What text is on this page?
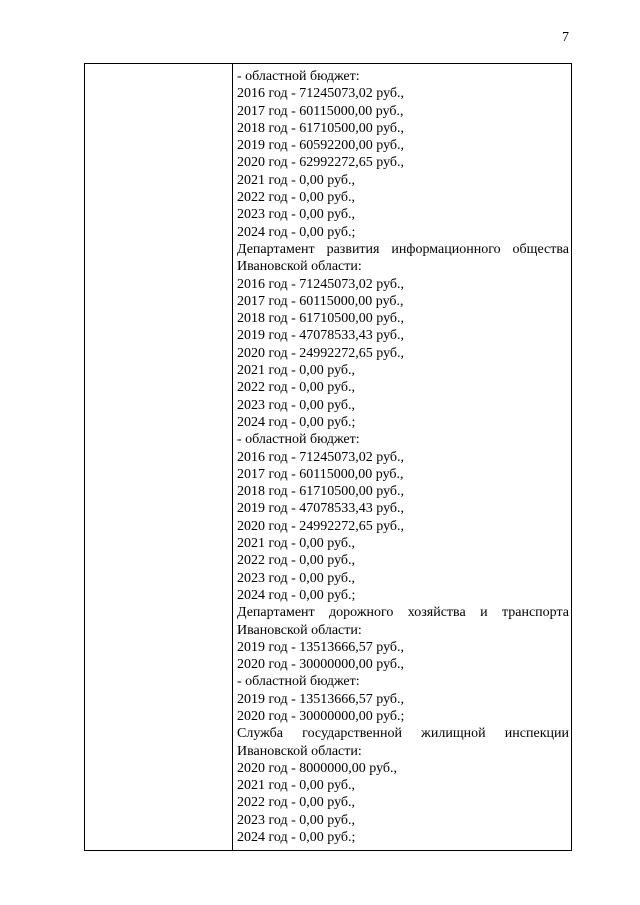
7
- областной бюджет:
2016 год - 71245073,02 руб.,
2017 год - 60115000,00 руб.,
2018 год - 61710500,00 руб.,
2019 год - 60592200,00 руб.,
2020 год - 62992272,65 руб.,
2021 год - 0,00 руб.,
2022 год - 0,00 руб.,
2023 год - 0,00 руб.,
2024 год - 0,00 руб.;
Департамент развития информационного общества
Ивановской области:
2016 год - 71245073,02 руб.,
2017 год - 60115000,00 руб.,
2018 год - 61710500,00 руб.,
2019 год - 47078533,43 руб.,
2020 год - 24992272,65 руб.,
2021 год - 0,00 руб.,
2022 год - 0,00 руб.,
2023 год - 0,00 руб.,
2024 год - 0,00 руб.;
- областной бюджет:
2016 год - 71245073,02 руб.,
2017 год - 60115000,00 руб.,
2018 год - 61710500,00 руб.,
2019 год - 47078533,43 руб.,
2020 год - 24992272,65 руб.,
2021 год - 0,00 руб.,
2022 год - 0,00 руб.,
2023 год - 0,00 руб.,
2024 год - 0,00 руб.;
Департамент дорожного хозяйства и транспорта
Ивановской области:
2019 год - 13513666,57 руб.,
2020 год - 30000000,00 руб.,
- областной бюджет:
2019 год - 13513666,57 руб.,
2020 год - 30000000,00 руб.;
Служба государственной жилищной инспекции
Ивановской области:
2020 год - 8000000,00 руб.,
2021 год - 0,00 руб.,
2022 год - 0,00 руб.,
2023 год - 0,00 руб.,
2024 год - 0,00 руб.;
